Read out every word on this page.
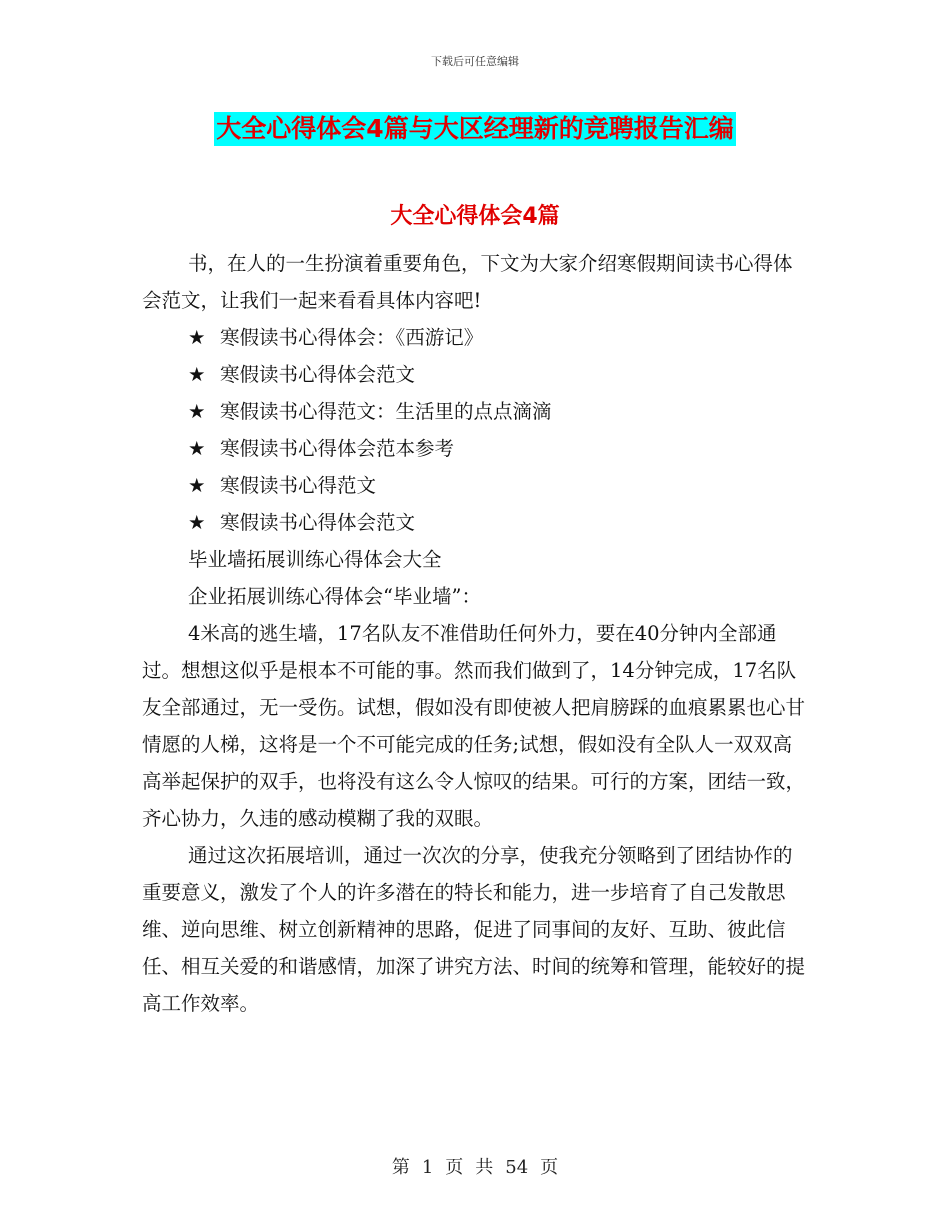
下载后可任意编辑
大全心得体会4篇与大区经理新的竞聘报告汇编
大全心得体会4篇

书，在人的一生扮演着重要角色，下文为大家介绍寒假期间读书心得体会范文，让我们一起来看看具体内容吧!

★ 寒假读书心得体会：《西游记》

★ 寒假读书心得体会范文

★ 寒假读书心得范文：生活里的点点滴滴

★ 寒假读书心得体会范本参考

★ 寒假读书心得范文

★ 寒假读书心得体会范文

毕业墙拓展训练心得体会大全

企业拓展训练心得体会“毕业墙”：

4米高的逃生墙，17名队友不准借助任何外力，要在40分钟内全部通过。想想这似乎是根本不可能的事。然而我们做到了，14分钟完成，17名队友全部通过，无一受伤。试想，假如没有即使被人把肩膀踩的血痕累累也心甘情愿的人梯，这将是一个不可能完成的任务;试想，假如没有全队人一双双高高举起保护的双手，也将没有这么令人惊叹的结果。可行的方案，团结一致，齐心协力，久违的感动模糊了我的双眼。

通过这次拓展培训，通过一次次的分享，使我充分领略到了团结协作的重要意义，激发了个人的许多潜在的特长和能力，进一步培育了自己发散思维、逆向思维、树立创新精神的思路，促进了同事间的友好、互助、彼此信任、相互关爱的和谐感情，加深了讲究方法、时间的统筹和管理，能较好的提高工作效率。

第 1 页 共 54 页
